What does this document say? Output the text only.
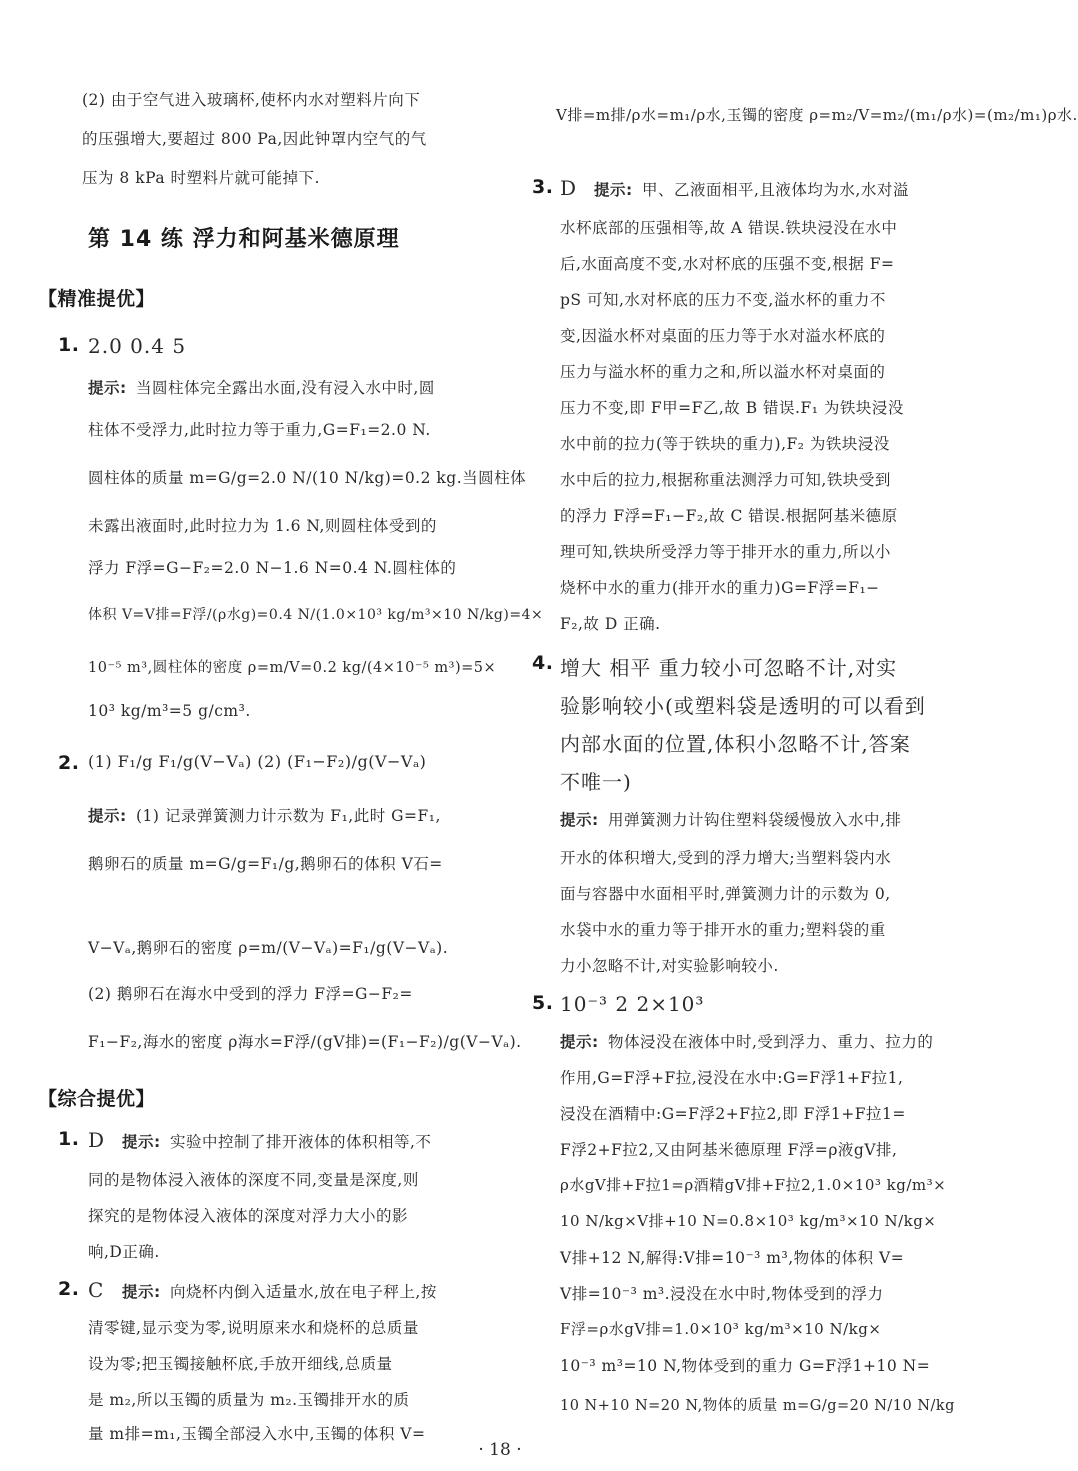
(2) 由于空气进入玻璃杯,使杯内水对塑料片向下
的压强增大,要超过 800 Pa,因此钟罩内空气的气
压为 8 kPa 时塑料片就可能掉下.
第 14 练 浮力和阿基米德原理
【精准提优】
1. 2.0 0.4 5
提示: 当圆柱体完全露出水面,没有浸入水中时,圆
柱体不受浮力,此时拉力等于重力,G=F₁=2.0 N.
圆柱体的质量 m=G/g=2.0 N/(10 N/kg)=0.2 kg.当圆柱体
未露出液面时,此时拉力为 1.6 N,则圆柱体受到的
浮力 F浮=G−F₂=2.0 N−1.6 N=0.4 N.圆柱体的
体积 V=V排=F浮/(ρ水g)=0.4 N/(1.0×10³ kg/m³×10 N/kg)=4×
10⁻⁵ m³,圆柱体的密度 ρ=m/V=0.2 kg/(4×10⁻⁵ m³)=5×
10³ kg/m³=5 g/cm³.
2. (1) F₁/g F₁/g(V−Vₐ) (2) (F₁−F₂)/g(V−Vₐ)
提示: (1) 记录弹簧测力计示数为 F₁,此时 G=F₁,
鹅卵石的质量 m=G/g=F₁/g,鹅卵石的体积 V石=
V−Vₐ,鹅卵石的密度 ρ=m/(V−Vₐ)=F₁/g(V−Vₐ).
(2) 鹅卵石在海水中受到的浮力 F浮=G−F₂=
F₁−F₂,海水的密度 ρ海水=F浮/(gV排)=(F₁−F₂)/g(V−Vₐ).
【综合提优】
1. D 提示: 实验中控制了排开液体的体积相等,不
同的是物体浸入液体的深度不同,变量是深度,则
探究的是物体浸入液体的深度对浮力大小的影
响,D正确.
2. C 提示: 向烧杯内倒入适量水,放在电子秤上,按
清零键,显示变为零,说明原来水和烧杯的总质量
设为零;把玉镯接触杯底,手放开细线,总质量
是 m₂,所以玉镯的质量为 m₂.玉镯排开水的质
量 m排=m₁,玉镯全部浸入水中,玉镯的体积 V=
V排=m排/ρ水=m₁/ρ水,玉镯的密度 ρ=m₂/V=m₂/(m₁/ρ水)=(m₂/m₁)ρ水.
3. D 提示: 甲、乙液面相平,且液体均为水,水对溢
水杯底部的压强相等,故 A 错误.铁块浸没在水中
后,水面高度不变,水对杯底的压强不变,根据 F=
pS 可知,水对杯底的压力不变,溢水杯的重力不
变,因溢水杯对桌面的压力等于水对溢水杯底的
压力与溢水杯的重力之和,所以溢水杯对桌面的
压力不变,即 F甲=F乙,故 B 错误.F₁ 为铁块浸没
水中前的拉力(等于铁块的重力),F₂ 为铁块浸没
水中后的拉力,根据称重法测浮力可知,铁块受到
的浮力 F浮=F₁−F₂,故 C 错误.根据阿基米德原
理可知,铁块所受浮力等于排开水的重力,所以小
烧杯中水的重力(排开水的重力)G=F浮=F₁−
F₂,故 D 正确.
4. 增大 相平 重力较小可忽略不计,对实
验影响较小(或塑料袋是透明的可以看到
内部水面的位置,体积小忽略不计,答案
不唯一)
提示: 用弹簧测力计钩住塑料袋缓慢放入水中,排
开水的体积增大,受到的浮力增大;当塑料袋内水
面与容器中水面相平时,弹簧测力计的示数为 0,
水袋中水的重力等于排开水的重力;塑料袋的重
力小忽略不计,对实验影响较小.
5. 10⁻³ 2 2×10³
提示: 物体浸没在液体中时,受到浮力、重力、拉力的
作用,G=F浮+F拉,浸没在水中:G=F浮1+F拉1,
浸没在酒精中:G=F浮2+F拉2,即 F浮1+F拉1=
F浮2+F拉2,又由阿基米德原理 F浮=ρ液gV排,
ρ水gV排+F拉1=ρ酒精gV排+F拉2,1.0×10³ kg/m³×
10 N/kg×V排+10 N=0.8×10³ kg/m³×10 N/kg×
V排+12 N,解得:V排=10⁻³ m³,物体的体积 V=
V排=10⁻³ m³.浸没在水中时,物体受到的浮力
F浮=ρ水gV排=1.0×10³ kg/m³×10 N/kg×
10⁻³ m³=10 N,物体受到的重力 G=F浮1+10 N=
10 N+10 N=20 N,物体的质量 m=G/g=20 N/10 N/kg
· 18 ·
